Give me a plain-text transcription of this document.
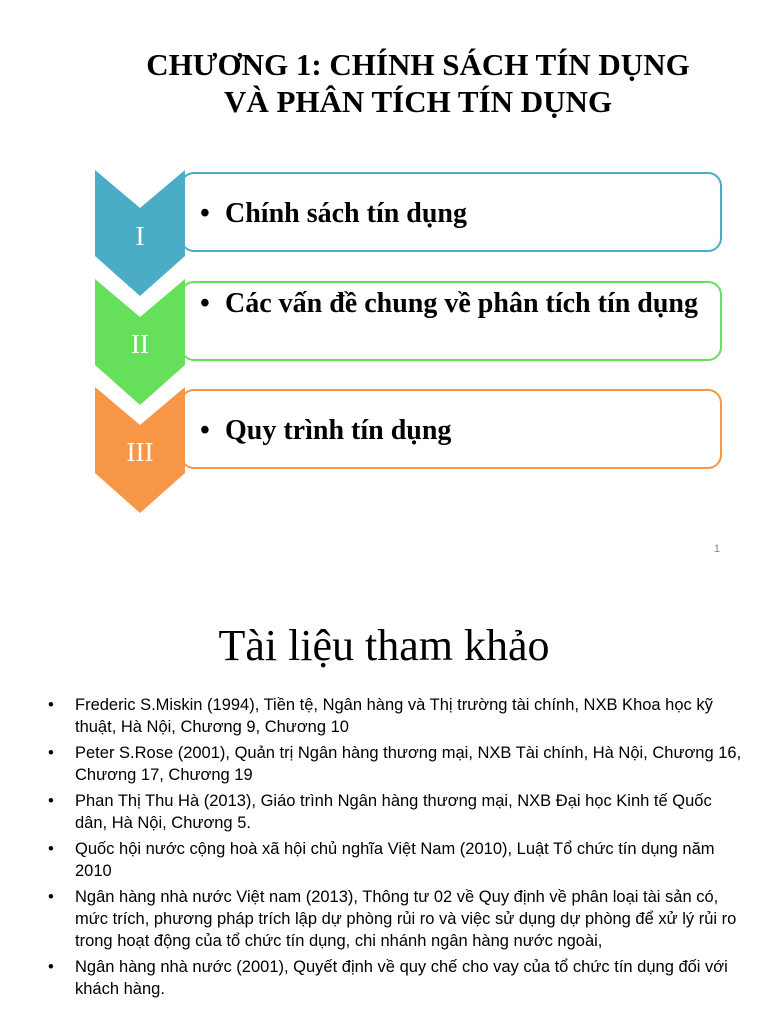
CHƯƠNG 1: CHÍNH SÁCH TÍN DỤNG
VÀ PHÂN TÍCH TÍN DỤNG
I
• Chính sách tín dụng
II
• Các vấn đề chung về phân tích tín dụng
III
• Quy trình tín dụng
1
Tài liệu tham khảo
• Frederic S.Miskin (1994), Tiền tệ, Ngân hàng và Thị trường tài chính, NXB Khoa học kỹ thuật, Hà Nội, Chương 9, Chương 10
• Peter S.Rose (2001), Quản trị Ngân hàng thương mại, NXB Tài chính, Hà Nội, Chương 16, Chương 17, Chương 19
• Phan Thị Thu Hà (2013), Giáo trình Ngân hàng thương mại, NXB Đại học Kinh tế Quốc dân, Hà Nội, Chương 5.
• Quốc hội nước cộng hoà xã hội chủ nghĩa Việt Nam (2010), Luật Tổ chức tín dụng năm 2010
• Ngân hàng nhà nước Việt nam (2013), Thông tư 02 về Quy định về phân loại tài sản có, mức trích, phương pháp trích lập dự phòng rủi ro và việc sử dụng dự phòng để xử lý rủi ro trong hoạt động của tổ chức tín dụng, chi nhánh ngân hàng nước ngoài,
• Ngân hàng nhà nước (2001), Quyết định về quy chế cho vay của tổ chức tín dụng đối với khách hàng.
